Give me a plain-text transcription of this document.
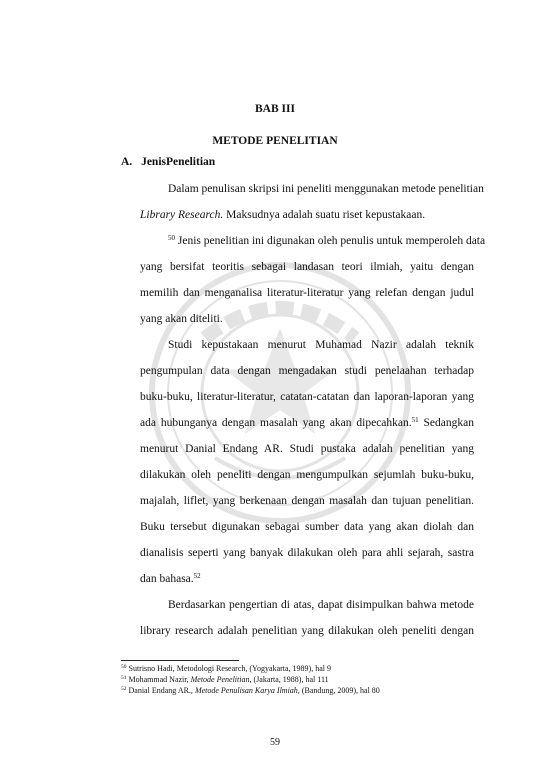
BAB III
METODE PENELITIAN
A. JenisPenelitian
Dalam penulisan skripsi ini peneliti menggunakan metode penelitian
Library Research. Maksudnya adalah suatu riset kepustakaan.
$^{50}$ Jenis penelitian ini digunakan oleh penulis untuk memperoleh data
yang bersifat teoritis sebagai landasan teori ilmiah, yaitu dengan
memilih dan menganalisa literatur-literatur yang relefan dengan judul
yang akan diteliti.
Studi kepustakaan menurut Muhamad Nazir adalah teknik
pengumpulan data dengan mengadakan studi penelaahan terhadap
buku-buku, literatur-literatur, catatan-catatan dan laporan-laporan yang
ada hubunganya dengan masalah yang akan dipecahkan.$^{51}$ Sedangkan
menurut Danial Endang AR. Studi pustaka adalah penelitian yang
dilakukan oleh peneliti dengan mengumpulkan sejumlah buku-buku,
majalah, liflet, yang berkenaan dengan masalah dan tujuan penelitian.
Buku tersebut digunakan sebagai sumber data yang akan diolah dan
dianalisis seperti yang banyak dilakukan oleh para ahli sejarah, sastra
dan bahasa.$^{52}$
Berdasarkan pengertian di atas, dapat disimpulkan bahwa metode
library research adalah penelitian yang dilakukan oleh peneliti dengan
$^{50}$ Sutrisno Hadi, Metodologi Research, (Yogyakarta, 1989), hal 9
$^{51}$ Mohammad Nazir, Metode Penelitian, (Jakarta, 1988), hal 111
$^{52}$ Danial Endang AR., Metode Penulisan Karya Ilmiah, (Bandung, 2009), hal 80
59
